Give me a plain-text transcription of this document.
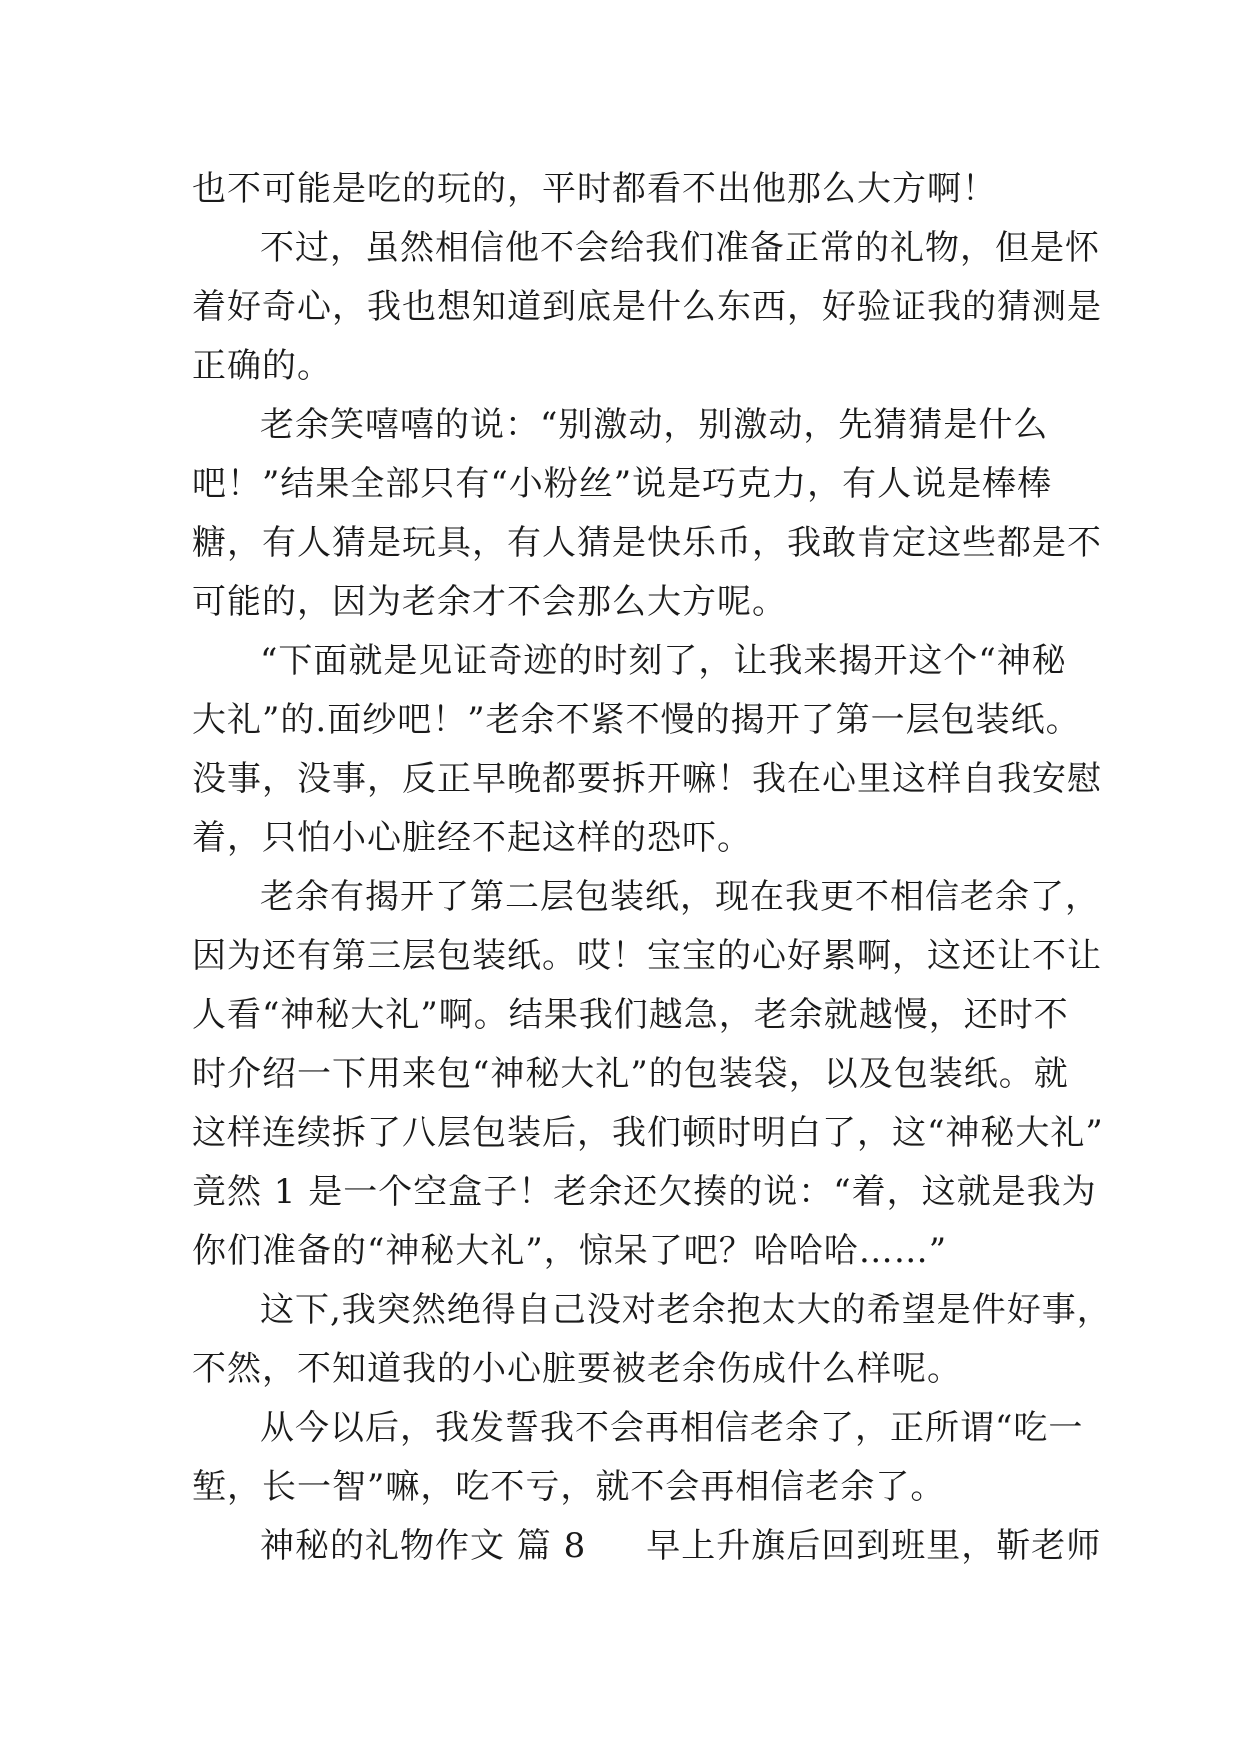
也不可能是吃的玩的，平时都看不出他那么大方啊！
不过，虽然相信他不会给我们准备正常的礼物，但是怀
着好奇心，我也想知道到底是什么东西，好验证我的猜测是
正确的。
老余笑嘻嘻的说：“别激动，别激动，先猜猜是什么
吧！”结果全部只有“小粉丝”说是巧克力，有人说是棒棒
糖，有人猜是玩具，有人猜是快乐币，我敢肯定这些都是不
可能的，因为老余才不会那么大方呢。
“下面就是见证奇迹的时刻了，让我来揭开这个“神秘
大礼”的.面纱吧！”老余不紧不慢的揭开了第一层包装纸。
没事，没事，反正早晚都要拆开嘛！我在心里这样自我安慰
着，只怕小心脏经不起这样的恐吓。
老余有揭开了第二层包装纸，现在我更不相信老余了，
因为还有第三层包装纸。哎！宝宝的心好累啊，这还让不让
人看“神秘大礼”啊。结果我们越急，老余就越慢，还时不
时介绍一下用来包“神秘大礼”的包装袋，以及包装纸。就
这样连续拆了八层包装后，我们顿时明白了，这“神秘大礼”
竟然 1 是一个空盒子！老余还欠揍的说：“着，这就是我为
你们准备的“神秘大礼”，惊呆了吧？哈哈哈……”
这下,我突然绝得自己没对老余抱太大的希望是件好事，
不然，不知道我的小心脏要被老余伤成什么样呢。
从今以后，我发誓我不会再相信老余了，正所谓“吃一
堑，长一智”嘛，吃不亏，就不会再相信老余了。
神秘的礼物作文 篇 8 早上升旗后回到班里，靳老师
